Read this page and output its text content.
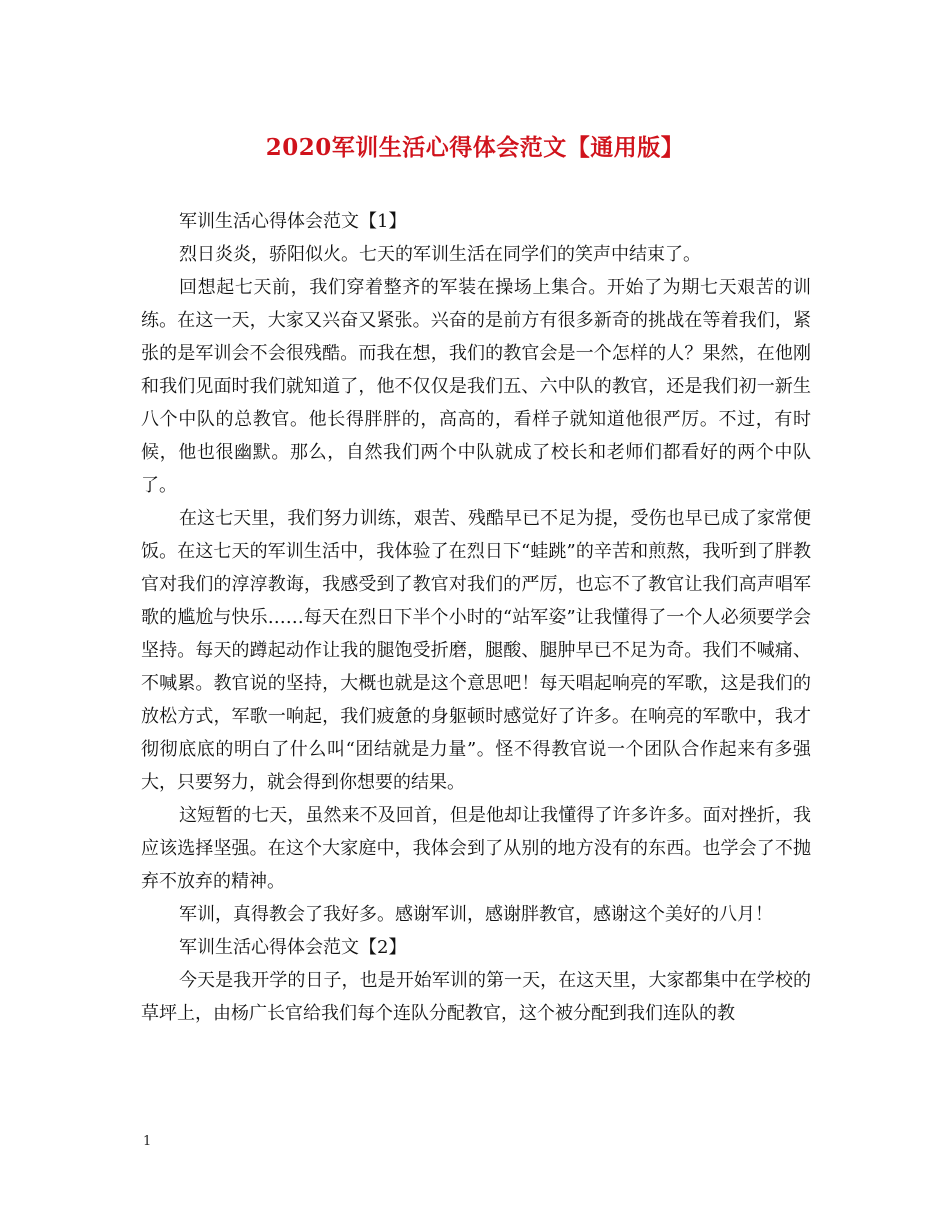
2020军训生活心得体会范文【通用版】

军训生活心得体会范文【1】

烈日炎炎，骄阳似火。七天的军训生活在同学们的笑声中结束了。

回想起七天前，我们穿着整齐的军装在操场上集合。开始了为期七天艰苦的训练。在这一天，大家又兴奋又紧张。兴奋的是前方有很多新奇的挑战在等着我们，紧张的是军训会不会很残酷。而我在想，我们的教官会是一个怎样的人？果然，在他刚和我们见面时我们就知道了，他不仅仅是我们五、六中队的教官，还是我们初一新生八个中队的总教官。他长得胖胖的，高高的，看样子就知道他很严厉。不过，有时候，他也很幽默。那么，自然我们两个中队就成了校长和老师们都看好的两个中队了。

在这七天里，我们努力训练，艰苦、残酷早已不足为提，受伤也早已成了家常便饭。在这七天的军训生活中，我体验了在烈日下“蛙跳”的辛苦和煎熬，我听到了胖教官对我们的淳淳教诲，我感受到了教官对我们的严厉，也忘不了教官让我们高声唱军歌的尴尬与快乐……每天在烈日下半个小时的“站军姿”让我懂得了一个人必须要学会坚持。每天的蹲起动作让我的腿饱受折磨，腿酸、腿肿早已不足为奇。我们不喊痛、不喊累。教官说的坚持，大概也就是这个意思吧！每天唱起响亮的军歌，这是我们的放松方式，军歌一响起，我们疲惫的身躯顿时感觉好了许多。在响亮的军歌中，我才彻彻底底的明白了什么叫“团结就是力量”。怪不得教官说一个团队合作起来有多强大，只要努力，就会得到你想要的结果。

这短暂的七天，虽然来不及回首，但是他却让我懂得了许多许多。面对挫折，我应该选择坚强。在这个大家庭中，我体会到了从别的地方没有的东西。也学会了不抛弃不放弃的精神。

军训，真得教会了我好多。感谢军训，感谢胖教官，感谢这个美好的八月！

军训生活心得体会范文【2】

今天是我开学的日子，也是开始军训的第一天，在这天里，大家都集中在学校的草坪上，由杨广长官给我们每个连队分配教官，这个被分配到我们连队的教

1
